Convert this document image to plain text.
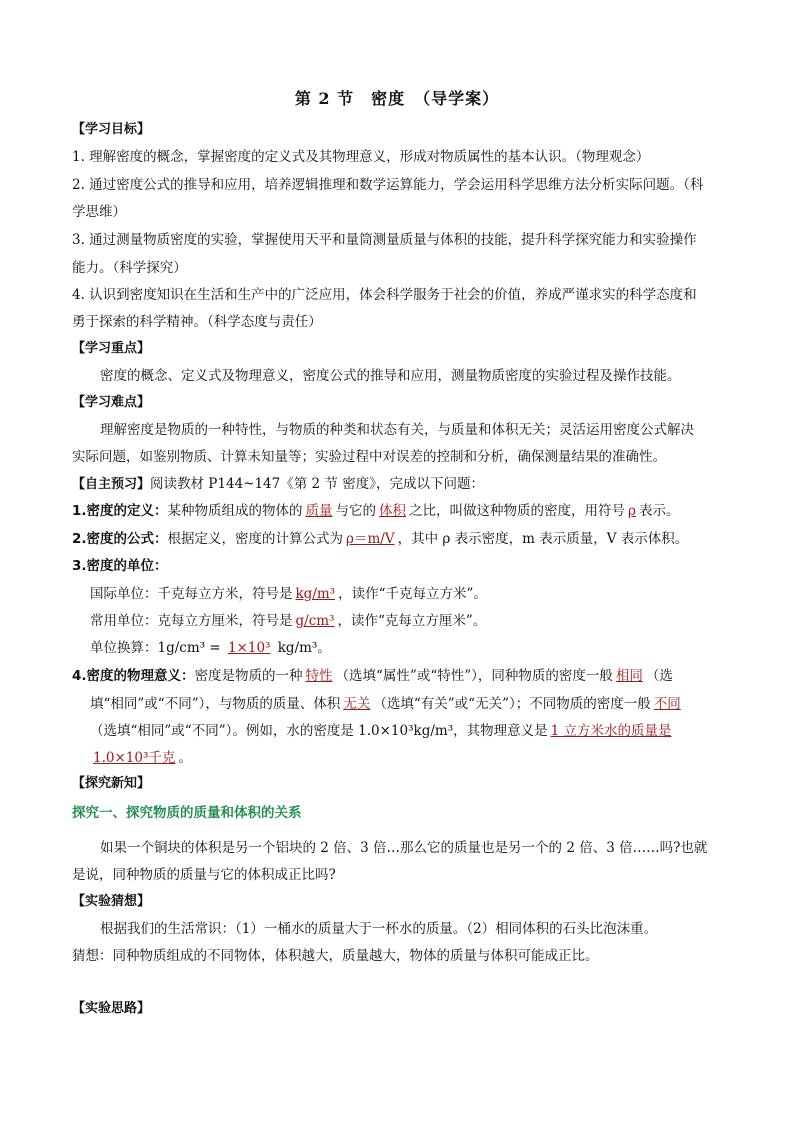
第 2 节　密度　（导学案）
【学习目标】
1. 理解密度的概念，掌握密度的定义式及其物理意义，形成对物质属性的基本认识。（物理观念）
2. 通过密度公式的推导和应用，培养逻辑推理和数学运算能力，学会运用科学思维方法分析实际问题。（科
学思维）
3. 通过测量物质密度的实验，掌握使用天平和量筒测量质量与体积的技能，提升科学探究能力和实验操作
能力。（科学探究）
4. 认识到密度知识在生活和生产中的广泛应用，体会科学服务于社会的价值，养成严谨求实的科学态度和
勇于探索的科学精神。（科学态度与责任）
【学习重点】
密度的概念、定义式及物理意义，密度公式的推导和应用，测量物质密度的实验过程及操作技能。
【学习难点】
理解密度是物质的一种特性，与物质的种类和状态有关，与质量和体积无关；灵活运用密度公式解决
实际问题，如鉴别物质、计算未知量等；实验过程中对误差的控制和分析，确保测量结果的准确性。
【自主预习】阅读教材 P144~147《第 2 节 密度》，完成以下问题：
1.密度的定义：某种物质组成的物体的 质量 与它的 体积 之比，叫做这种物质的密度，用符号 ρ 表示。
2.密度的公式：根据定义，密度的计算公式为 ρ＝m/V ，其中 ρ 表示密度，m 表示质量，V 表示体积。
3.密度的单位：
国际单位：千克每立方米，符号是 kg/m³ ，读作“千克每立方米”。
常用单位：克每立方厘米，符号是 g/cm³ ，读作“克每立方厘米”。
单位换算：1g/cm³ = 1×10³ kg/m³。
4.密度的物理意义：密度是物质的一种 特性 （选填“属性”或“特性”），同种物质的密度一般 相同 （选
填“相同”或“不同”），与物质的质量、体积 无关 （选填“有关”或“无关”）；不同物质的密度一般 不同
（选填“相同”或“不同”）。例如，水的密度是 1.0×10³kg/m³，其物理意义是 1 立方米水的质量是
1.0×10³千克 。
【探究新知】
探究一、探究物质的质量和体积的关系
如果一个铜块的体积是另一个铝块的 2 倍、3 倍…那么它的质量也是另一个的 2 倍、3 倍……吗?也就
是说，同种物质的质量与它的体积成正比吗?
【实验猜想】
根据我们的生活常识：（1）一桶水的质量大于一杯水的质量。（2）相同体积的石头比泡沫重。
猜想：同种物质组成的不同物体，体积越大，质量越大，物体的质量与体积可能成正比。
【实验思路】
